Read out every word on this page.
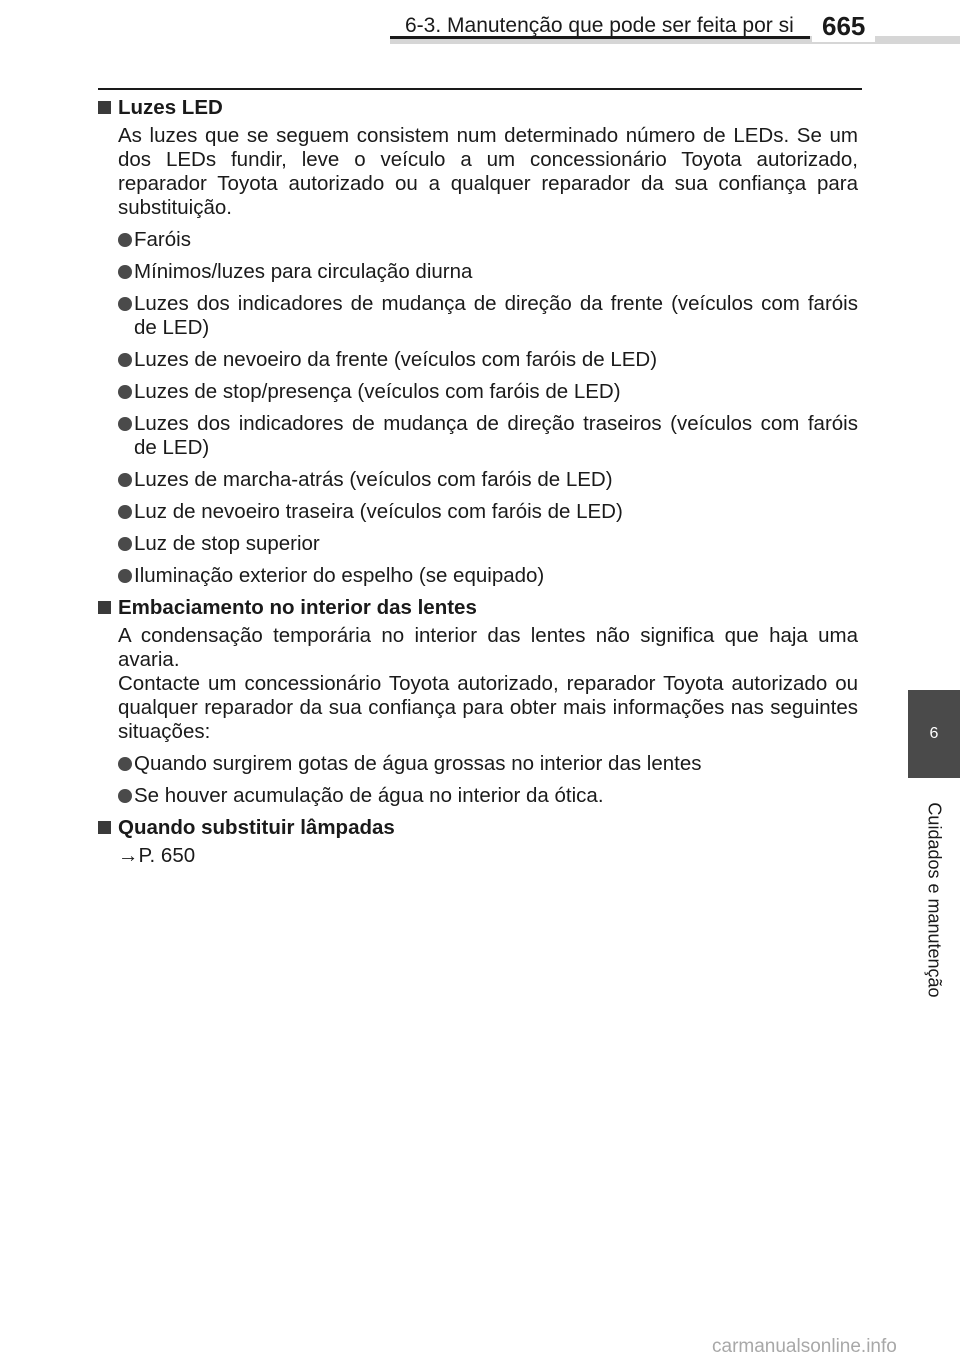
6-3. Manutenção que pode ser feita por si	665
6
Cuidados e manutenção
Luzes LED
As luzes que se seguem consistem num determinado número de LEDs. Se um dos LEDs fundir, leve o veículo a um concessionário Toyota autorizado, reparador Toyota autorizado ou a qualquer reparador da sua confiança para substituição.
Faróis
Mínimos/luzes para circulação diurna
Luzes dos indicadores de mudança de direção da frente (veículos com faróis de LED)
Luzes de nevoeiro da frente (veículos com faróis de LED)
Luzes de stop/presença (veículos com faróis de LED)
Luzes dos indicadores de mudança de direção traseiros (veículos com faróis de LED)
Luzes de marcha-atrás (veículos com faróis de LED)
Luz de nevoeiro traseira (veículos com faróis de LED)
Luz de stop superior
Iluminação exterior do espelho (se equipado)
Embaciamento no interior das lentes
A condensação temporária no interior das lentes não significa que haja uma avaria.
Contacte um concessionário Toyota autorizado, reparador Toyota autorizado ou qualquer reparador da sua confiança para obter mais informações nas seguintes situações:
Quando surgirem gotas de água grossas no interior das lentes
Se houver acumulação de água no interior da ótica.
Quando substituir lâmpadas
→P. 650
carmanualsonline.info
